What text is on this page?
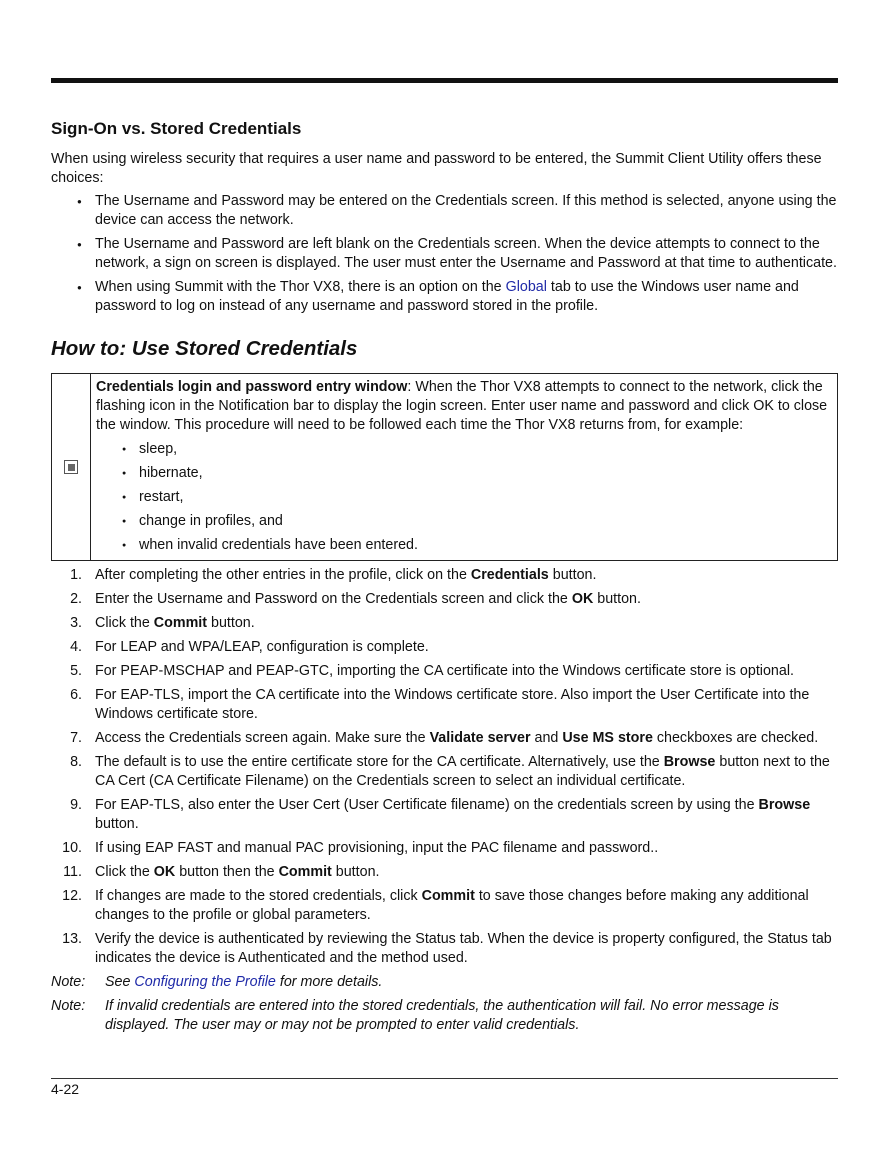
Sign-On vs. Stored Credentials

When using wireless security that requires a user name and password to be entered, the Summit Client Utility offers these choices:

● The Username and Password may be entered on the Credentials screen. If this method is selected, anyone using the device can access the network.
● The Username and Password are left blank on the Credentials screen. When the device attempts to connect to the network, a sign on screen is displayed. The user must enter the Username and Password at that time to authenticate.
● When using Summit with the Thor VX8, there is an option on the Global tab to use the Windows user name and password to log on instead of any username and password stored in the profile.
How to: Use Stored Credentials
Credentials login and password entry window: When the Thor VX8 attempts to connect to the network, click the flashing icon in the Notification bar to display the login screen. Enter user name and password and click OK to close the window. This procedure will need to be followed each time the Thor VX8 returns from, for example:
● sleep,
● hibernate,
● restart,
● change in profiles, and
● when invalid credentials have been entered.
1. After completing the other entries in the profile, click on the Credentials button.
2. Enter the Username and Password on the Credentials screen and click the OK button.
3. Click the Commit button.
4. For LEAP and WPA/LEAP, configuration is complete.
5. For PEAP-MSCHAP and PEAP-GTC, importing the CA certificate into the Windows certificate store is optional.
6. For EAP-TLS, import the CA certificate into the Windows certificate store. Also import the User Certificate into the Windows certificate store.
7. Access the Credentials screen again. Make sure the Validate server and Use MS store checkboxes are checked.
8. The default is to use the entire certificate store for the CA certificate. Alternatively, use the Browse button next to the CA Cert (CA Certificate Filename) on the Credentials screen to select an individual certificate.
9. For EAP-TLS, also enter the User Cert (User Certificate filename) on the credentials screen by using the Browse button.
10. If using EAP FAST and manual PAC provisioning, input the PAC filename and password..
11. Click the OK button then the Commit button.
12. If changes are made to the stored credentials, click Commit to save those changes before making any additional changes to the profile or global parameters.
13. Verify the device is authenticated by reviewing the Status tab. When the device is property configured, the Status tab indicates the device is Authenticated and the method used.
Note:	See Configuring the Profile for more details.
Note:	If invalid credentials are entered into the stored credentials, the authentication will fail. No error message is displayed. The user may or may not be prompted to enter valid credentials.
4-22
